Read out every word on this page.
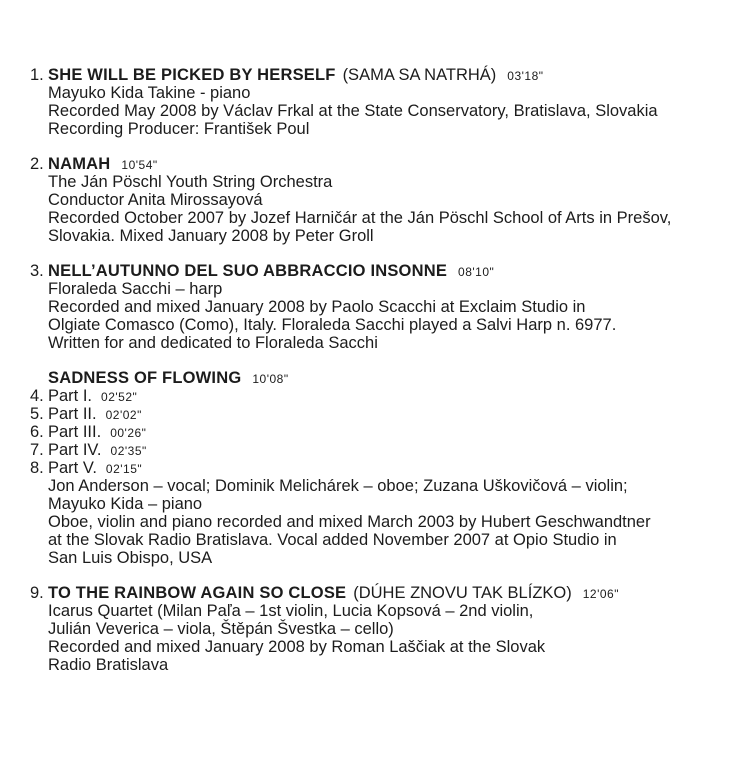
1. SHE WILL BE PICKED BY HERSELF (SAMA SA NATRHÁ) 03'18"
Mayuko Kida Takine - piano
Recorded May 2008 by Václav Frkal at the State Conservatory, Bratislava, Slovakia
Recording Producer: František Poul
2. NAMAH 10'54"
The Ján Pöschl Youth String Orchestra
Conductor Anita Mirossayová
Recorded October 2007 by Jozef Harničár at the Ján Pöschl School of Arts in Prešov,
Slovakia. Mixed January 2008 by Peter Groll
3. NELL’AUTUNNO DEL SUO ABBRACCIO INSONNE 08'10"
Floraleda Sacchi – harp
Recorded and mixed January 2008 by Paolo Scacchi at Exclaim Studio in
Olgiate Comasco (Como), Italy. Floraleda Sacchi played a Salvi Harp n. 6977.
Written for and dedicated to Floraleda Sacchi
SADNESS OF FLOWING 10'08"
4. Part I. 02'52"
5. Part II. 02'02"
6. Part III. 00'26"
7. Part IV. 02'35"
8. Part V. 02'15"
Jon Anderson – vocal; Dominik Melichárek – oboe; Zuzana Uškovičová – violin;
Mayuko Kida – piano
Oboe, violin and piano recorded and mixed March 2003 by Hubert Geschwandtner
at the Slovak Radio Bratislava. Vocal added November 2007 at Opio Studio in
San Luis Obispo, USA
9. TO THE RAINBOW AGAIN SO CLOSE (DÚHE ZNOVU TAK BLÍZKO) 12'06"
Icarus Quartet (Milan Paľa – 1st violin, Lucia Kopsová – 2nd violin,
Julián Veverica – viola, Štěpán Švestka – cello)
Recorded and mixed January 2008 by Roman Laščiak at the Slovak
Radio Bratislava
